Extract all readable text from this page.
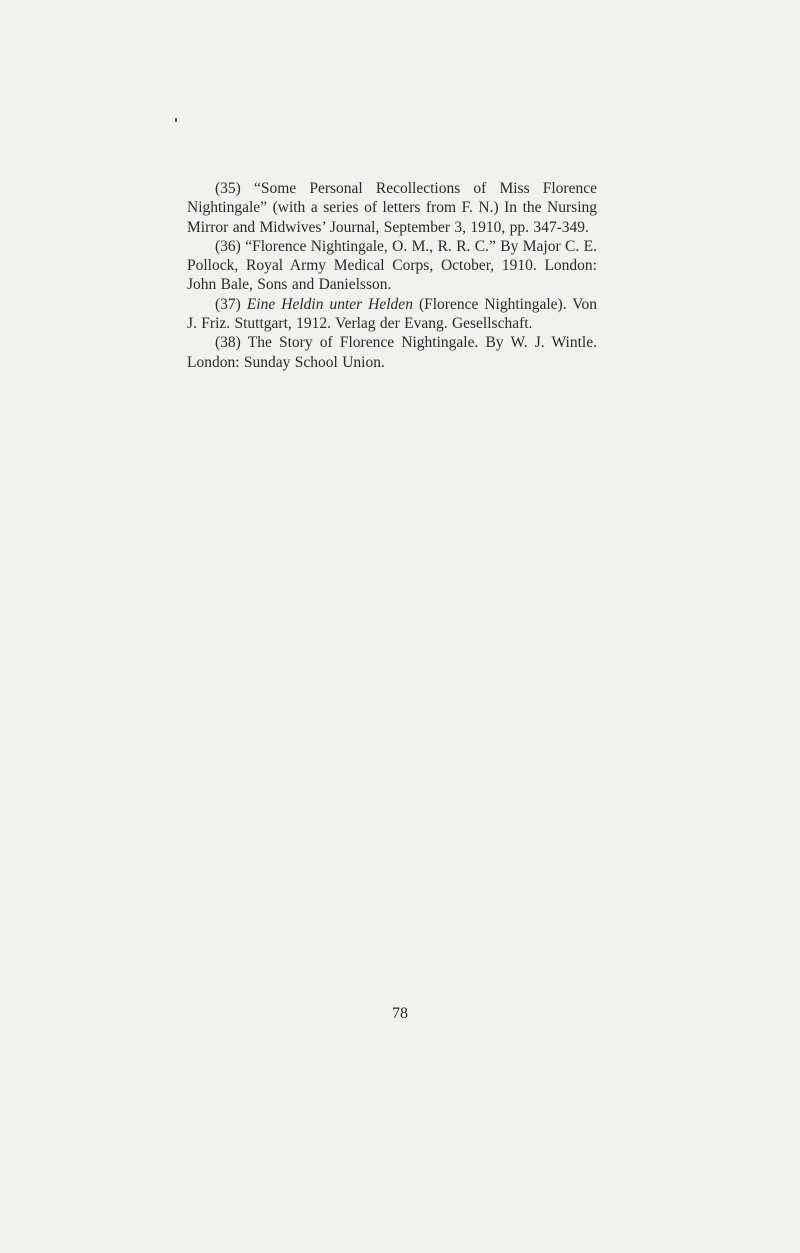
(35) “Some Personal Recollections of Miss Florence Nightingale” (with a series of letters from F. N.) In the Nursing Mirror and Midwives’ Journal, September 3, 1910, pp. 347-349.

(36) “Florence Nightingale, O. M., R. R. C.” By Major C. E. Pollock, Royal Army Medical Corps, October, 1910. London: John Bale, Sons and Danielsson.

(37) Eine Heldin unter Helden (Florence Nightingale). Von J. Friz. Stuttgart, 1912. Verlag der Evang. Gesellschaft.

(38) The Story of Florence Nightingale. By W. J. Wintle. London: Sunday School Union.

78
